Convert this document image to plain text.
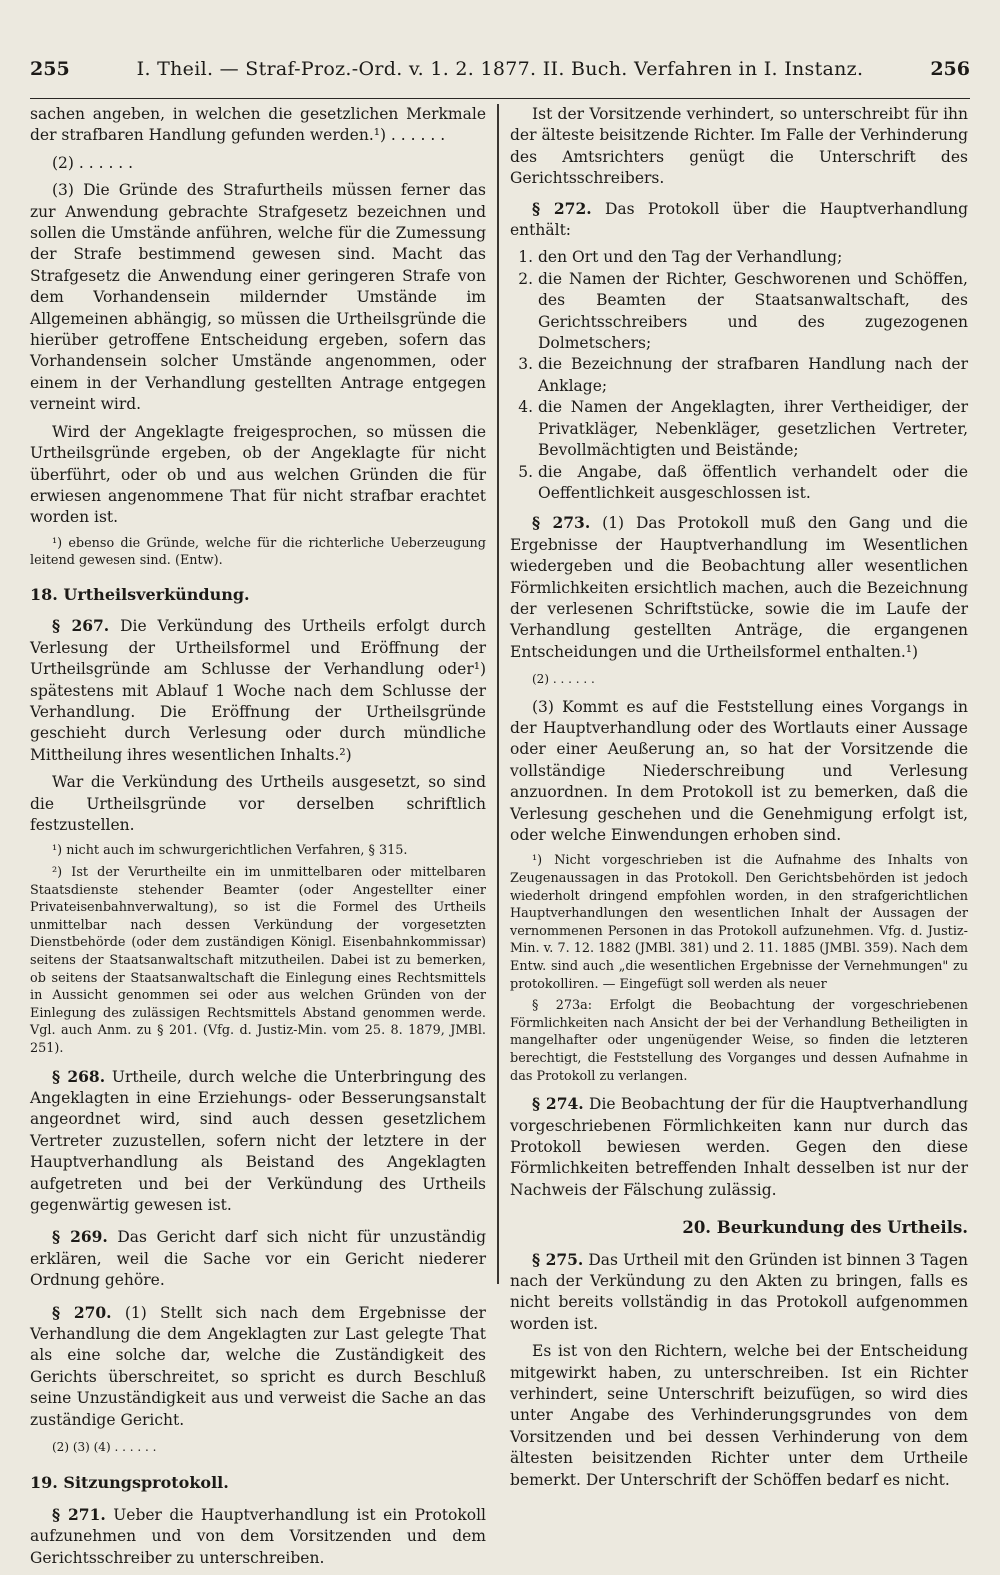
255	I. Theil. — Straf-Proz.-Ord. v. 1. 2. 1877. II. Buch. Verfahren in I. Instanz.	256

sachen angeben, in welchen die gesetzlichen Merkmale der strafbaren Handlung gefunden werden.¹) . . . . . .

(2) . . . . . .

(3) Die Gründe des Strafurtheils müssen ferner das zur Anwendung gebrachte Strafgesetz bezeichnen und sollen die Umstände anführen, welche für die Zumessung der Strafe bestimmend gewesen sind. Macht das Strafgesetz die Anwendung einer geringeren Strafe von dem Vorhandensein mildernder Umstände im Allgemeinen abhängig, so müssen die Urtheilsgründe die hierüber getroffene Entscheidung ergeben, sofern das Vorhandensein solcher Umstände angenommen, oder einem in der Verhandlung gestellten Antrage entgegen verneint wird.

Wird der Angeklagte freigesprochen, so müssen die Urtheilsgründe ergeben, ob der Angeklagte für nicht überführt, oder ob und aus welchen Gründen die für erwiesen angenommene That für nicht strafbar erachtet worden ist.

¹) ebenso die Gründe, welche für die richterliche Ueberzeugung leitend gewesen sind. (Entw).

18. Urtheilsverkündung.

§ 267. Die Verkündung des Urtheils erfolgt durch Verlesung der Urtheilsformel und Eröffnung der Urtheilsgründe am Schlusse der Verhandlung oder¹) spätestens mit Ablauf 1 Woche nach dem Schlusse der Verhandlung. Die Eröffnung der Urtheilsgründe geschieht durch Verlesung oder durch mündliche Mittheilung ihres wesentlichen Inhalts.²)

War die Verkündung des Urtheils ausgesetzt, so sind die Urtheilsgründe vor derselben schriftlich festzustellen.

¹) nicht auch im schwurgerichtlichen Verfahren, § 315.

²) Ist der Verurtheilte ein im unmittelbaren oder mittelbaren Staatsdienste stehender Beamter (oder Angestellter einer Privateisenbahnverwaltung), so ist die Formel des Urtheils unmittelbar nach dessen Verkündung der vorgesetzten Dienstbehörde (oder dem zuständigen Königl. Eisenbahnkommissar) seitens der Staatsanwaltschaft mitzutheilen. Dabei ist zu bemerken, ob seitens der Staatsanwaltschaft die Einlegung eines Rechtsmittels in Aussicht genommen sei oder aus welchen Gründen von der Einlegung des zulässigen Rechtsmittels Abstand genommen werde. Vgl. auch Anm. zu § 201. (Vfg. d. Justiz-Min. vom 25. 8. 1879, JMBl. 251).

§ 268. Urtheile, durch welche die Unterbringung des Angeklagten in eine Erziehungs- oder Besserungsanstalt angeordnet wird, sind auch dessen gesetzlichem Vertreter zuzustellen, sofern nicht der letztere in der Hauptverhandlung als Beistand des Angeklagten aufgetreten und bei der Verkündung des Urtheils gegenwärtig gewesen ist.

§ 269. Das Gericht darf sich nicht für unzuständig erklären, weil die Sache vor ein Gericht niederer Ordnung gehöre.

§ 270. (1) Stellt sich nach dem Ergebnisse der Verhandlung die dem Angeklagten zur Last gelegte That als eine solche dar, welche die Zuständigkeit des Gerichts überschreitet, so spricht es durch Beschluß seine Unzuständigkeit aus und verweist die Sache an das zuständige Gericht.

(2) (3) (4) . . . . . .

19. Sitzungsprotokoll.

§ 271. Ueber die Hauptverhandlung ist ein Protokoll aufzunehmen und von dem Vorsitzenden und dem Gerichtsschreiber zu unterschreiben.

Ist der Vorsitzende verhindert, so unterschreibt für ihn der älteste beisitzende Richter. Im Falle der Verhinderung des Amtsrichters genügt die Unterschrift des Gerichtsschreibers.

§ 272. Das Protokoll über die Hauptverhandlung enthält:

1. den Ort und den Tag der Verhandlung;
2. die Namen der Richter, Geschworenen und Schöffen, des Beamten der Staatsanwaltschaft, des Gerichtsschreibers und des zugezogenen Dolmetschers;
3. die Bezeichnung der strafbaren Handlung nach der Anklage;
4. die Namen der Angeklagten, ihrer Vertheidiger, der Privatkläger, Nebenkläger, gesetzlichen Vertreter, Bevollmächtigten und Beistände;
5. die Angabe, daß öffentlich verhandelt oder die Oeffentlichkeit ausgeschlossen ist.

§ 273. (1) Das Protokoll muß den Gang und die Ergebnisse der Hauptverhandlung im Wesentlichen wiedergeben und die Beobachtung aller wesentlichen Förmlichkeiten ersichtlich machen, auch die Bezeichnung der verlesenen Schriftstücke, sowie die im Laufe der Verhandlung gestellten Anträge, die ergangenen Entscheidungen und die Urtheilsformel enthalten.¹)

(2) . . . . . .

(3) Kommt es auf die Feststellung eines Vorgangs in der Hauptverhandlung oder des Wortlauts einer Aussage oder einer Aeußerung an, so hat der Vorsitzende die vollständige Niederschreibung und Verlesung anzuordnen. In dem Protokoll ist zu bemerken, daß die Verlesung geschehen und die Genehmigung erfolgt ist, oder welche Einwendungen erhoben sind.

¹) Nicht vorgeschrieben ist die Aufnahme des Inhalts von Zeugenaussagen in das Protokoll. Den Gerichtsbehörden ist jedoch wiederholt dringend empfohlen worden, in den strafgerichtlichen Hauptverhandlungen den wesentlichen Inhalt der Aussagen der vernommenen Personen in das Protokoll aufzunehmen. Vfg. d. Justiz-Min. v. 7. 12. 1882 (JMBl. 381) und 2. 11. 1885 (JMBl. 359). Nach dem Entw. sind auch „die wesentlichen Ergebnisse der Vernehmungen" zu protokolliren. — Eingefügt soll werden als neuer

§ 273a: Erfolgt die Beobachtung der vorgeschriebenen Förmlichkeiten nach Ansicht der bei der Verhandlung Betheiligten in mangelhafter oder ungenügender Weise, so finden die letzteren berechtigt, die Feststellung des Vorganges und dessen Aufnahme in das Protokoll zu verlangen.

§ 274. Die Beobachtung der für die Hauptverhandlung vorgeschriebenen Förmlichkeiten kann nur durch das Protokoll bewiesen werden. Gegen den diese Förmlichkeiten betreffenden Inhalt desselben ist nur der Nachweis der Fälschung zulässig.

20. Beurkundung des Urtheils.

§ 275. Das Urtheil mit den Gründen ist binnen 3 Tagen nach der Verkündung zu den Akten zu bringen, falls es nicht bereits vollständig in das Protokoll aufgenommen worden ist.

Es ist von den Richtern, welche bei der Entscheidung mitgewirkt haben, zu unterschreiben. Ist ein Richter verhindert, seine Unterschrift beizufügen, so wird dies unter Angabe des Verhinderungsgrundes von dem Vorsitzenden und bei dessen Verhinderung von dem ältesten beisitzenden Richter unter dem Urtheile bemerkt. Der Unterschrift der Schöffen bedarf es nicht.
